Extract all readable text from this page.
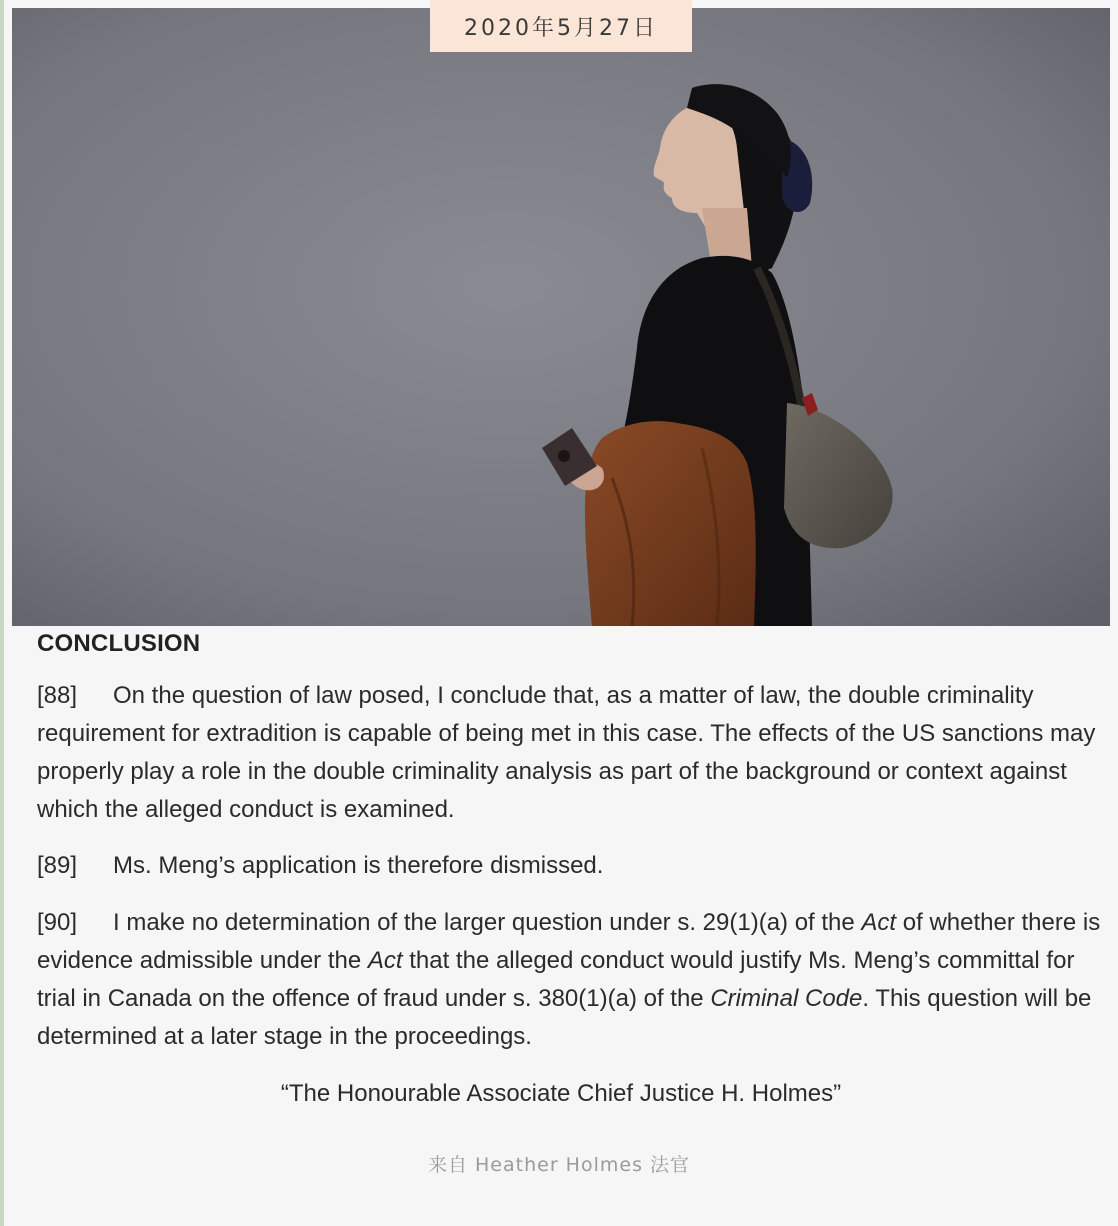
2020年5月27日
CONCLUSION
[88] On the question of law posed, I conclude that, as a matter of law, the double criminality requirement for extradition is capable of being met in this case. The effects of the US sanctions may properly play a role in the double criminality analysis as part of the background or context against which the alleged conduct is examined.
[89] Ms. Meng’s application is therefore dismissed.
[90] I make no determination of the larger question under s. 29(1)(a) of the Act of whether there is evidence admissible under the Act that the alleged conduct would justify Ms. Meng’s committal for trial in Canada on the offence of fraud under s. 380(1)(a) of the Criminal Code. This question will be determined at a later stage in the proceedings.
“The Honourable Associate Chief Justice H. Holmes”
来自 Heather Holmes 法官
